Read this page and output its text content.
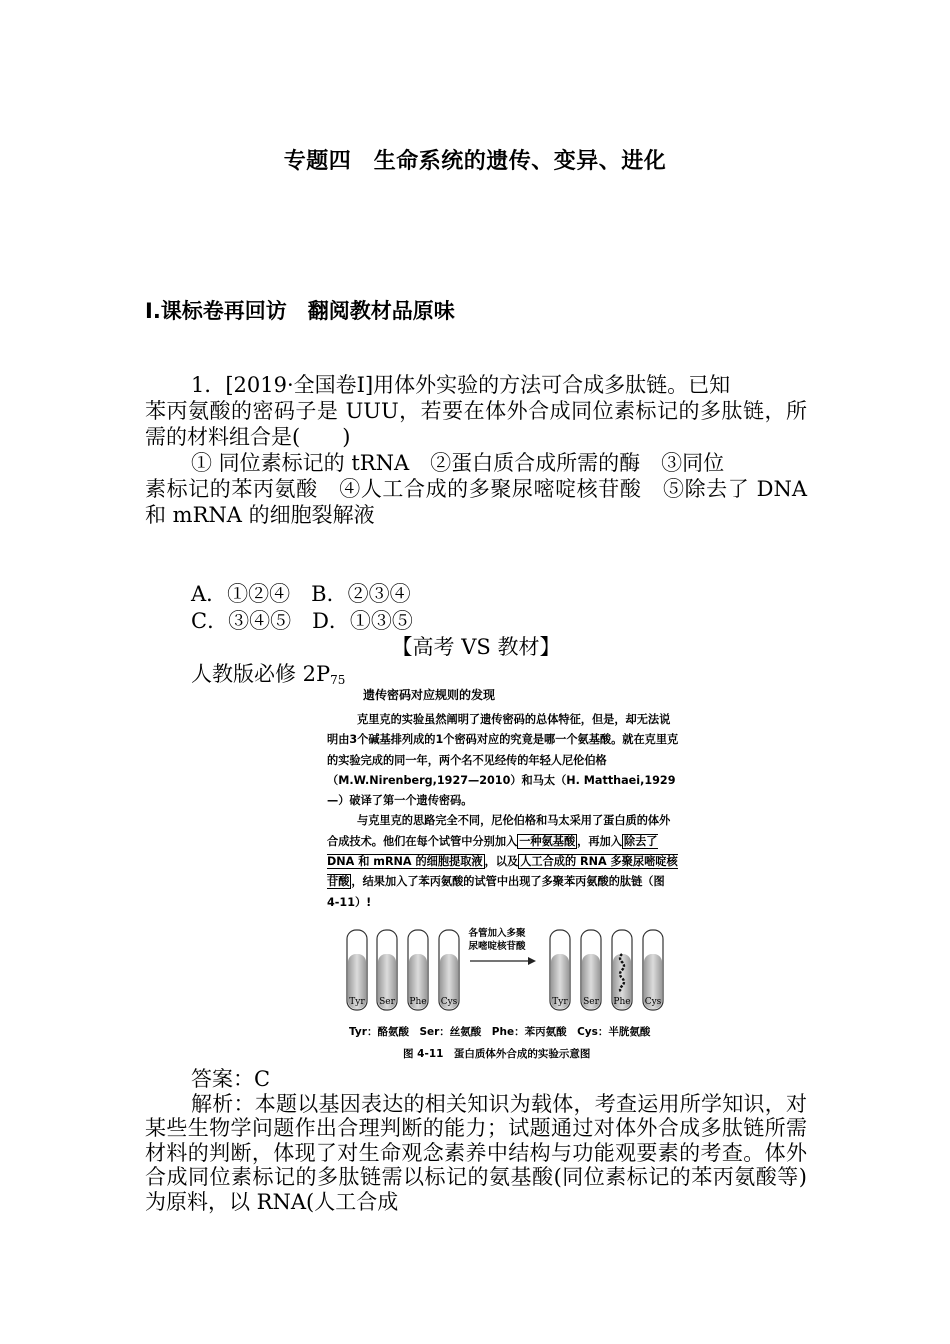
专题四　生命系统的遗传、变异、进化
Ⅰ.课标卷再回访　翻阅教材品原味

1．[2019·全国卷Ⅰ]用体外实验的方法可合成多肽链。已知

苯丙氨酸的密码子是 UUU，若要在体外合成同位素标记的多肽链，所需的材料组合是(　　)

① 同位素标记的 tRNA　②蛋白质合成所需的酶　③同位

素标记的苯丙氨酸　④人工合成的多聚尿嘧啶核苷酸　⑤除去了 DNA 和 mRNA 的细胞裂解液

A．①②④　B．②③④
C．③④⑤　D．①③⑤
【高考 VS 教材】
人教版必修 $2P_{75}$
遗传密码对应规则的发现

克里克的实验虽然阐明了遗传密码的总体特征，但是，却无法说明由3个碱基排列成的1个密码对应的究竟是哪一个氨基酸。就在克里克的实验完成的同一年，两个名不见经传的年轻人尼伦伯格（M.W.Nirenberg,1927—2010）和马太（H. Matthaei,1929—）破译了第一个遗传密码。

与克里克的思路完全不同，尼伦伯格和马太采用了蛋白质的体外合成技术。他们在每个试管中分别加入 一种氨基酸 ，再加入 除去了DNA 和 mRNA 的细胞提取液 ，以及 人工合成的 RNA 多聚尿嘧啶核苷酸 ，结果加入了苯丙氨酸的试管中出现了多聚苯丙氨酸的肽链（图 4-11）!

Tyr Ser Phe Cys
各管加入多聚
尿嘧啶核苷酸
Tyr Ser Phe Cys
Tyr：酪氨酸　Ser：丝氨酸　Phe：苯丙氨酸　Cys：半胱氨酸
图 4-11　蛋白质体外合成的实验示意图

答案：C

解析：本题以基因表达的相关知识为载体，考查运用所学知识，对某些生物学问题作出合理判断的能力；试题通过对体外合成多肽链所需材料的判断，体现了对生命观念素养中结构与功能观要素的考查。体外合成同位素标记的多肽链需以标记的氨基酸(同位素标记的苯丙氨酸等)为原料，以 RNA(人工合成
